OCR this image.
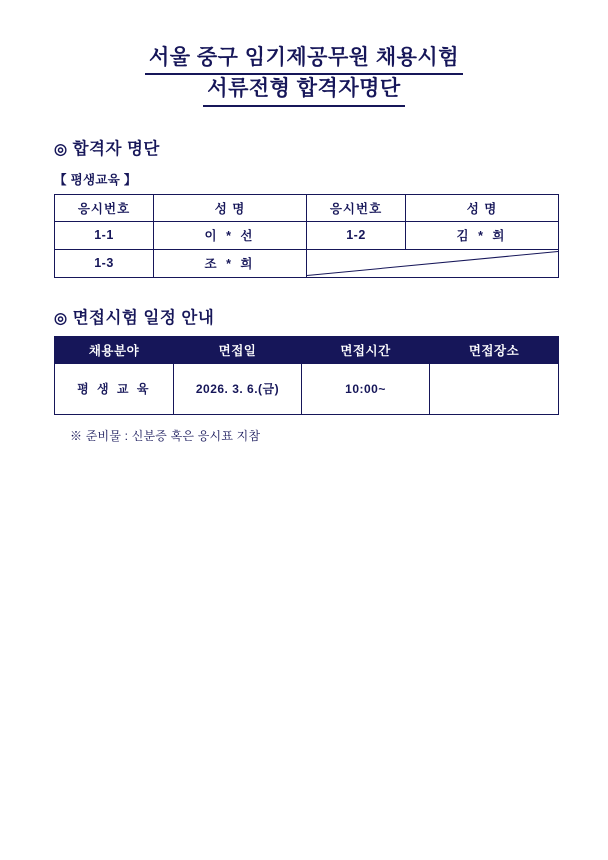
서울 중구 임기제공무원 채용시험
서류전형 합격자명단
◎ 합격자 명단
【 평생교육 】
응시번호	성 명	응시번호	성 명
1-1	이 * 선	1-2	김 * 희
1-3	조 * 희	
◎ 면접시험 일정 안내
채용분야	면접일	면접시간	면접장소
평 생 교 육	2026. 3. 6.(금)	10:00~	
※ 준비물 : 신분증 혹은 응시표 지참
